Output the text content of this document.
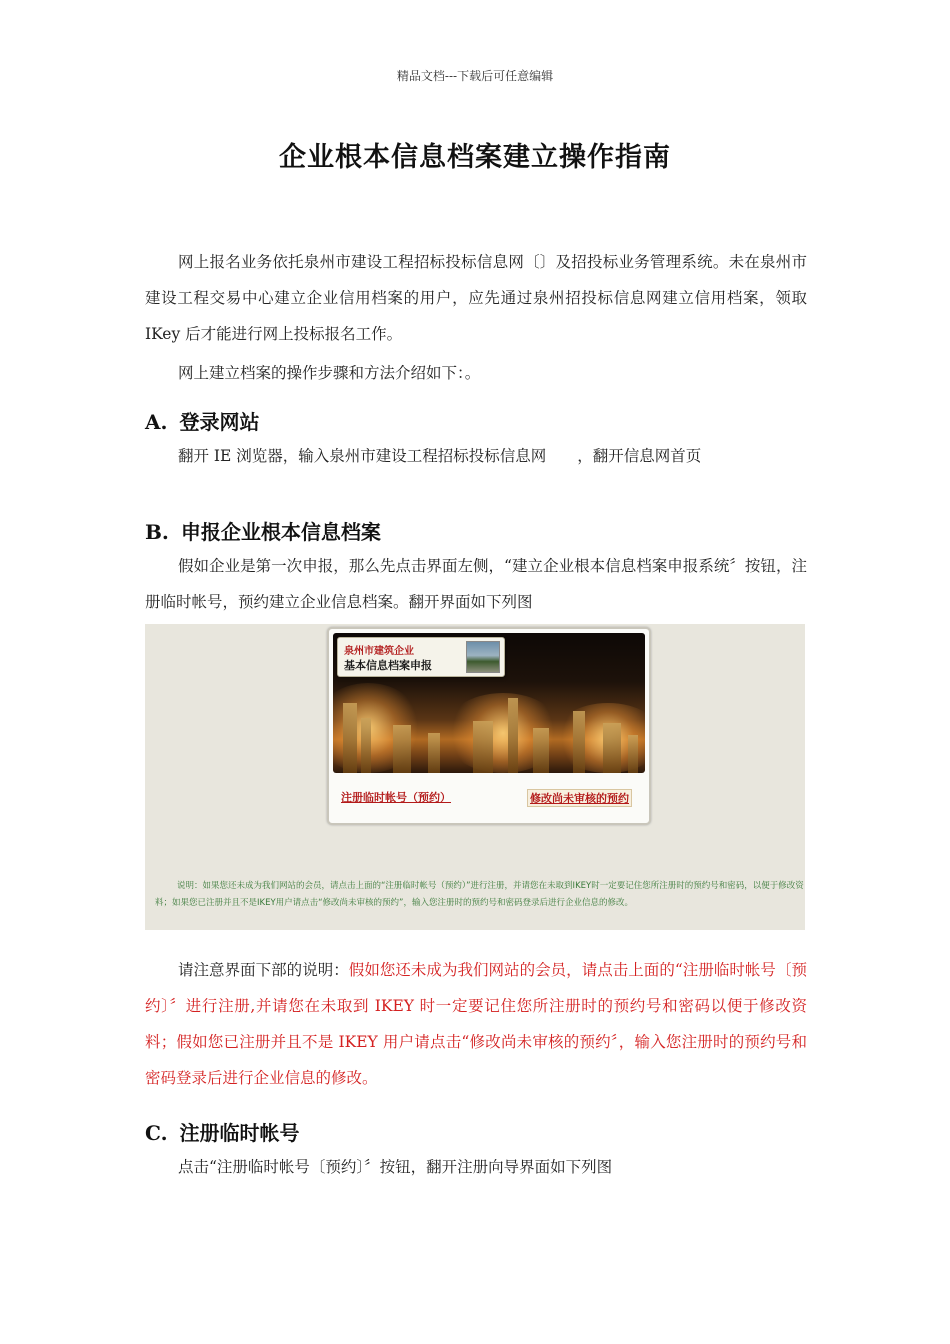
精品文档---下载后可任意编辑
企业根本信息档案建立操作指南
网上报名业务依托泉州市建设工程招标投标信息网〔〕及招投标业务管理系统。未在泉州市建设工程交易中心建立企业信用档案的用户，应先通过泉州招投标信息网建立信用档案，领取 IKey 后才能进行网上投标报名工作。
网上建立档案的操作步骤和方法介绍如下：。
A. 登录网站
翻开 IE 浏览器，输入泉州市建设工程招标投标信息网　　，翻开信息网首页
B. 申报企业根本信息档案
假如企业是第一次申报，那么先点击界面左侧，“建立企业根本信息档案申报系统〞按钮，注册临时帐号，预约建立企业信息档案。翻开界面如下列图
泉州市建筑企业
基本信息档案申报
注册临时帐号（预约）	修改尚未审核的预约
说明：如果您还未成为我们网站的会员，请点击上面的“注册临时帐号（预约）”进行注册，并请您在未取到IKEY时一定要记住您所注册时的预约号和密码，以便于修改资料；如果您已注册并且不是IKEY用户请点击“修改尚未审核的预约”，输入您注册时的预约号和密码登录后进行企业信息的修改。
请注意界面下部的说明：假如您还未成为我们网站的会员，请点击上面的“注册临时帐号〔预约〕〞进行注册,并请您在未取到 IKEY 时一定要记住您所注册时的预约号和密码以便于修改资料；假如您已注册并且不是 IKEY 用户请点击“修改尚未审核的预约〞，输入您注册时的预约号和密码登录后进行企业信息的修改。
C. 注册临时帐号
点击“注册临时帐号〔预约〕〞按钮，翻开注册向导界面如下列图
